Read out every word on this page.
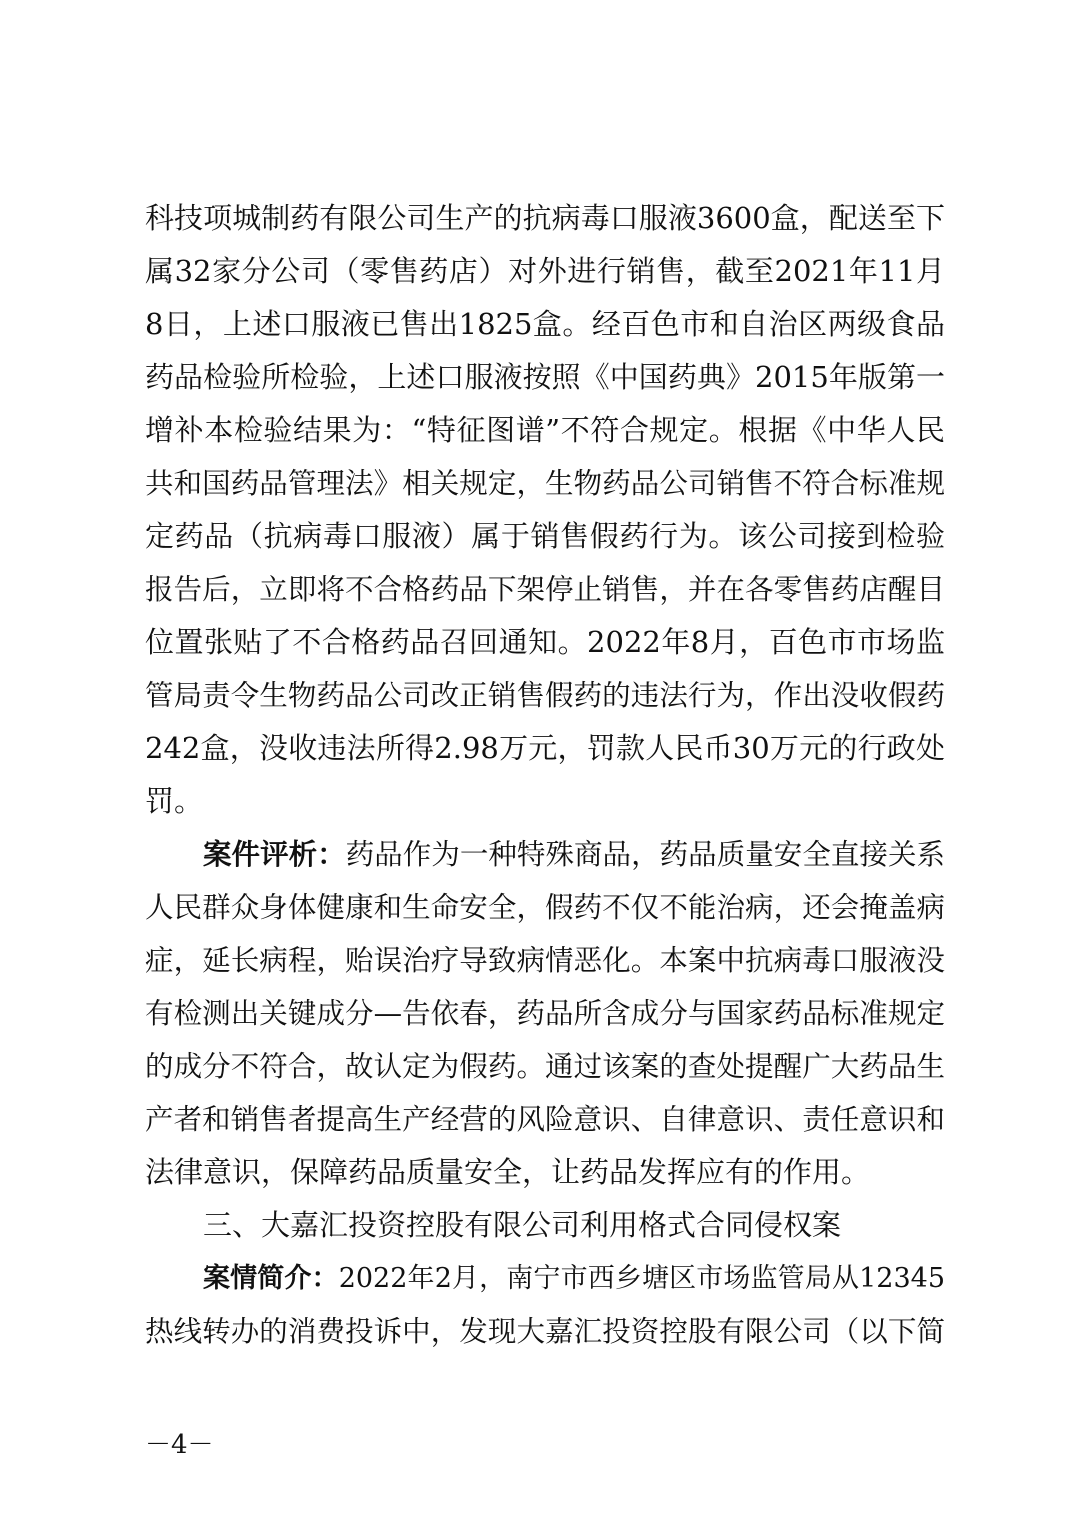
科技项城制药有限公司生产的抗病毒口服液3600盒，配送至下
属32家分公司（零售药店）对外进行销售，截至2021年11月
8日，上述口服液已售出1825盒。经百色市和自治区两级食品
药品检验所检验，上述口服液按照《中国药典》2015年版第一
增补本检验结果为：“特征图谱”不符合规定。根据《中华人民
共和国药品管理法》相关规定，生物药品公司销售不符合标准规
定药品（抗病毒口服液）属于销售假药行为。该公司接到检验
报告后，立即将不合格药品下架停止销售，并在各零售药店醒目
位置张贴了不合格药品召回通知。2022年8月，百色市市场监
管局责令生物药品公司改正销售假药的违法行为，作出没收假药
242盒，没收违法所得2.98万元，罚款人民币30万元的行政处
罚。
案件评析：药品作为一种特殊商品，药品质量安全直接关系
人民群众身体健康和生命安全，假药不仅不能治病，还会掩盖病
症，延长病程，贻误治疗导致病情恶化。本案中抗病毒口服液没
有检测出关键成分—告依春，药品所含成分与国家药品标准规定
的成分不符合，故认定为假药。通过该案的查处提醒广大药品生
产者和销售者提高生产经营的风险意识、自律意识、责任意识和
法律意识，保障药品质量安全，让药品发挥应有的作用。
三、大嘉汇投资控股有限公司利用格式合同侵权案
案情简介：2022年2月，南宁市西乡塘区市场监管局从12345
热线转办的消费投诉中，发现大嘉汇投资控股有限公司（以下简
－4－
